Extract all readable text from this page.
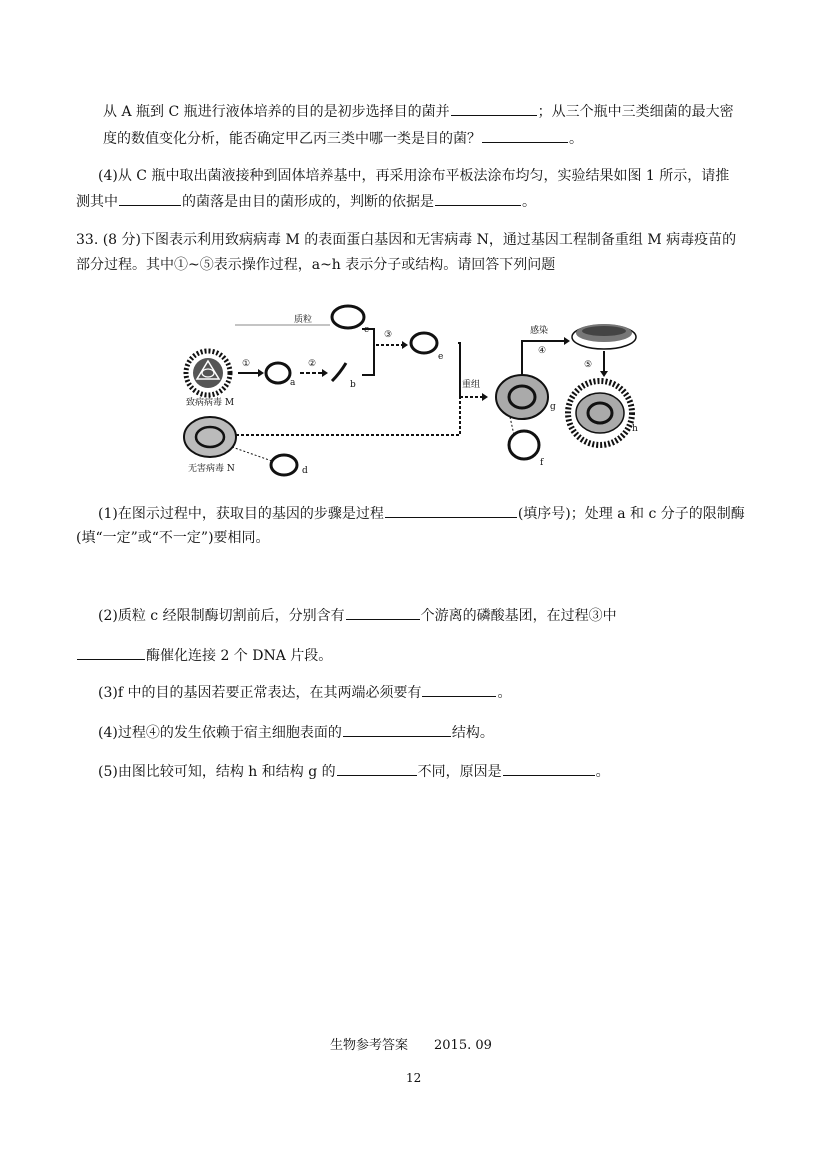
从 A 瓶到 C 瓶进行液体培养的目的是初步选择目的菌并	；从三个瓶中三类细菌的最大密
度的数值变化分析，能否确定甲乙丙三类中哪一类是目的菌？	。
(4)从 C 瓶中取出菌液接种到固体培养基中，再采用涂布平板法涂布均匀，实验结果如图 1 所示，请推
测其中	的菌落是由目的菌形成的，判断的依据是	。
33. (8 分)下图表示利用致病病毒 M 的表面蛋白基因和无害病毒 N，通过基因工程制备重组 M 病毒疫苗的
部分过程。其中①~⑤表示操作过程，a~h 表示分子或结构。请回答下列问题
质粒
c
致病病毒 M
①
a
②
b
③
e
重组
无害病毒 N	d
g
f
感染
④
⑤
h
(1)在图示过程中，获取目的基因的步骤是过程	(填序号)；处理 a 和 c 分子的限制酶
(填“一定”或“不一定”)要相同。
(2)质粒 c 经限制酶切割前后，分别含有	个游离的磷酸基团，在过程③中
酶催化连接 2 个 DNA 片段。
(3)f 中的目的基因若要正常表达，在其两端必须要有	。
(4)过程④的发生依赖于宿主细胞表面的	结构。
(5)由图比较可知，结构 h 和结构 g 的	不同，原因是	。
生物参考答案 2015. 09
12
